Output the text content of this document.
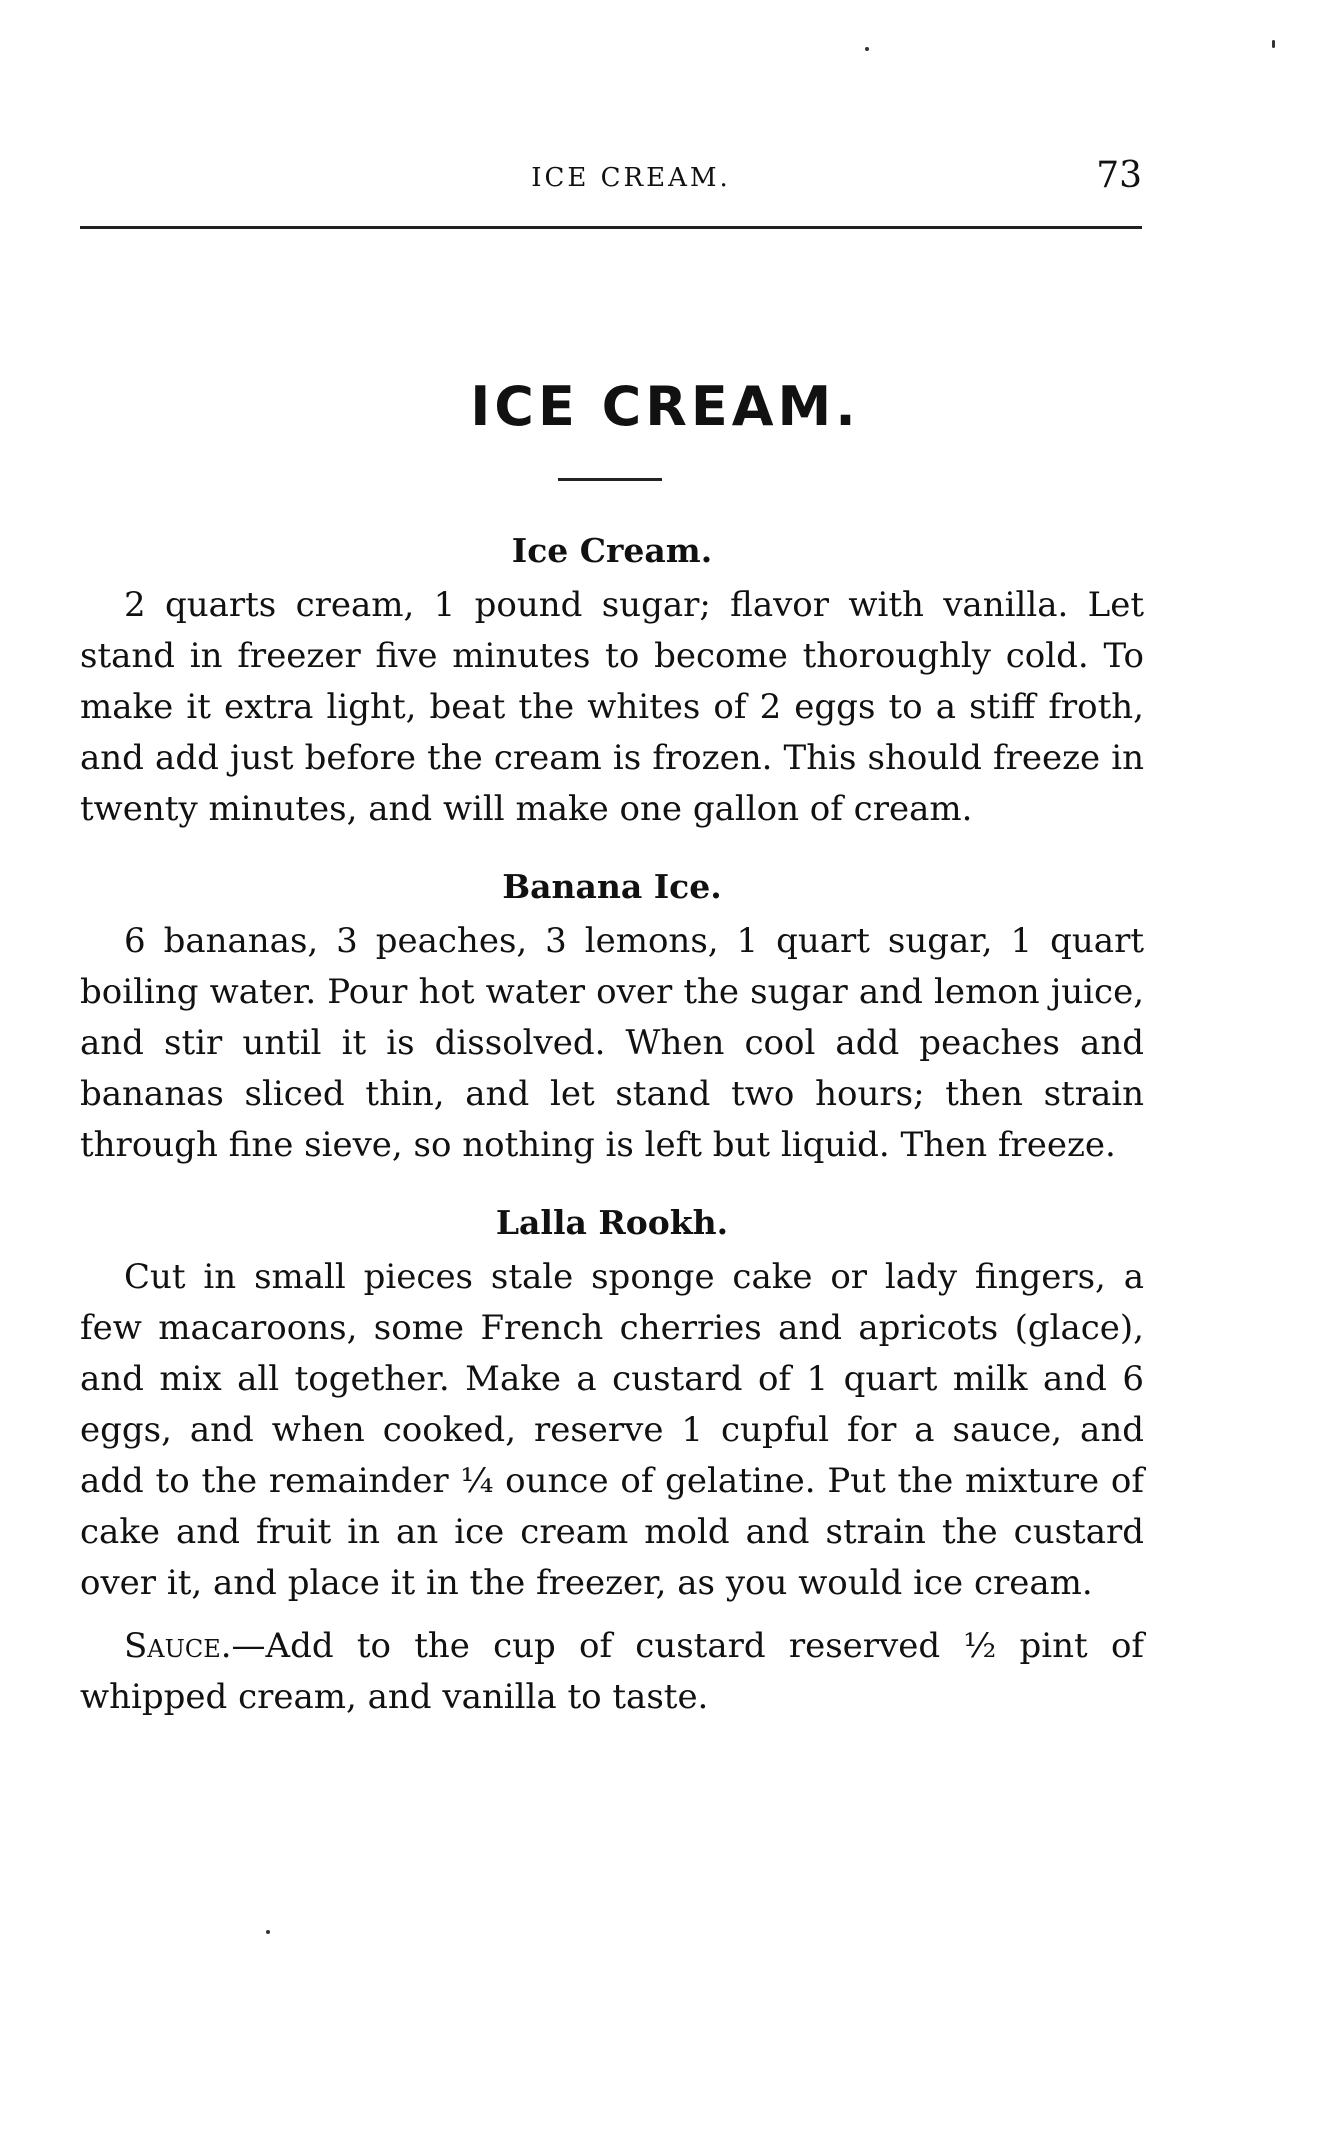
ICE CREAM.	73
ICE CREAM.

Ice Cream.

2 quarts cream, 1 pound sugar; flavor with vanilla. Let stand in freezer five minutes to become thoroughly cold. To make it extra light, beat the whites of 2 eggs to a stiff froth, and add just before the cream is frozen. This should freeze in twenty minutes, and will make one gallon of cream.

Banana Ice.

6 bananas, 3 peaches, 3 lemons, 1 quart sugar, 1 quart boiling water. Pour hot water over the sugar and lemon juice, and stir until it is dissolved. When cool add peaches and bananas sliced thin, and let stand two hours; then strain through fine sieve, so nothing is left but liquid. Then freeze.

Lalla Rookh.

Cut in small pieces stale sponge cake or lady fingers, a few macaroons, some French cherries and apricots (glace), and mix all together. Make a custard of 1 quart milk and 6 eggs, and when cooked, reserve 1 cupful for a sauce, and add to the remainder ¼ ounce of gelatine. Put the mixture of cake and fruit in an ice cream mold and strain the custard over it, and place it in the freezer, as you would ice cream.

Sauce.—Add to the cup of custard reserved ½ pint of whipped cream, and vanilla to taste.
